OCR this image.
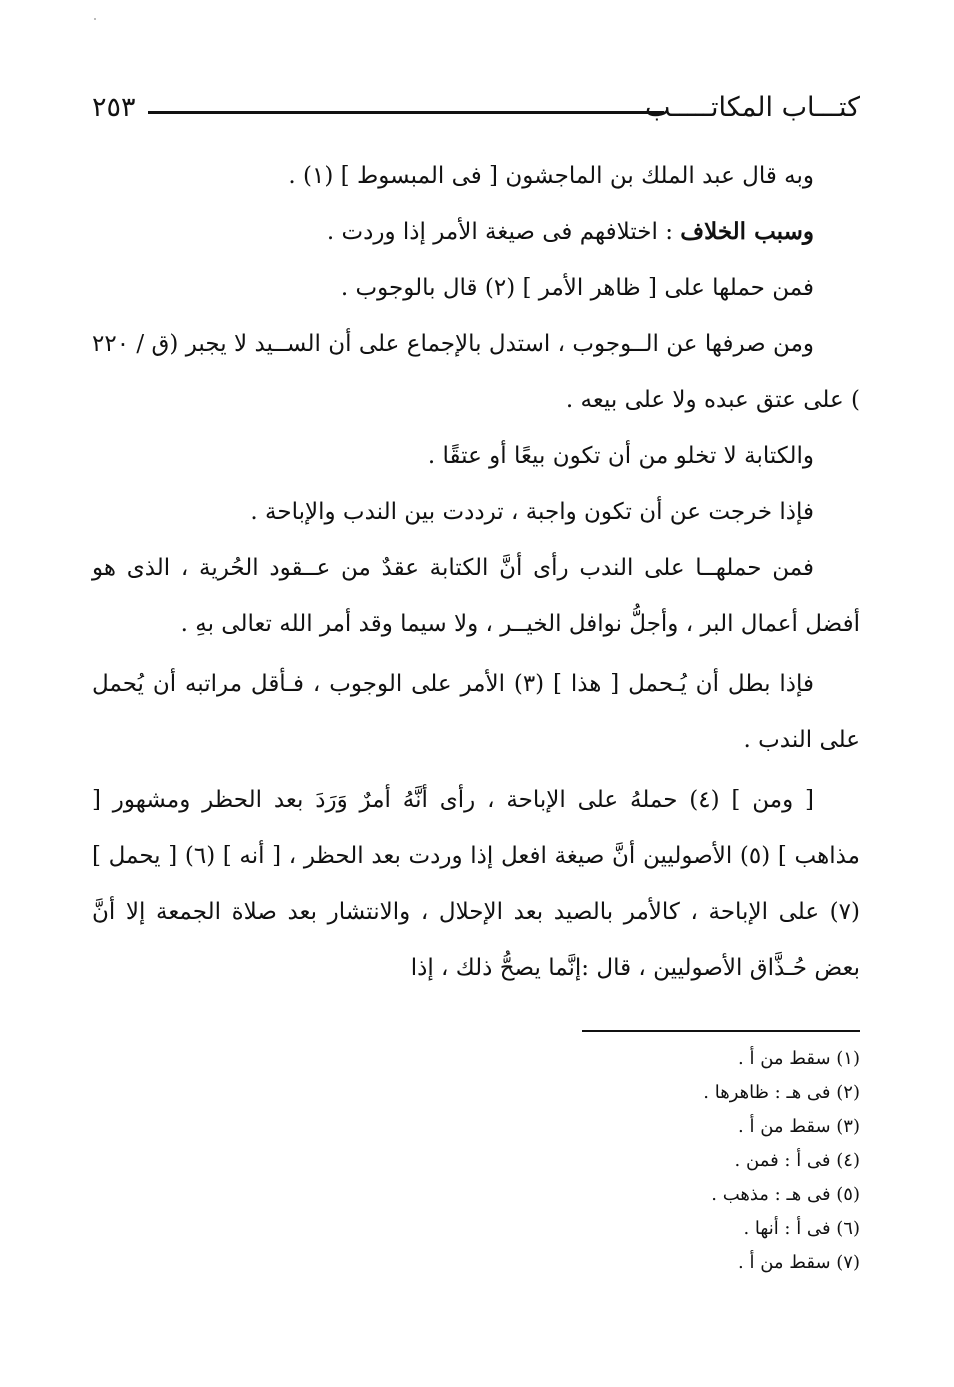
كتـــاب المكاتـــــب
٢٥٣

وبه قال عبد الملك بن الماجشون [ فى المبسوط ] (١) .

وسبب الخلاف : اختلافهم فى صيغة الأمر إذا وردت .

فمن حملها على [ ظاهر الأمر ] (٢) قال بالوجوب .

ومن صرفها عن الــوجوب ، استدل بالإجماع على أن الســيد لا يجبر (ق / ٢٢٠ ) على عتق عبده ولا على بيعه .

والكتابة لا تخلو من أن تكون بيعًا أو عتقًا .

فإذا خرجت عن أن تكون واجبة ، ترددت بين الندب والإباحة .

فمن حملهــا على الندب رأى أنَّ الكتابة عقدٌ من عــقود الحُرية ، الذى هو أفضل أعمال البر ، وأجلُّ نوافل الخيــر ، ولا سيما وقد أمر الله تعالى بهِ .

فإذا بطل أن يُـحمل [ هذا ] (٣) الأمر على الوجوب ، فـأقل مراتبه أن يُحمل على الندب .

[ ومن ] (٤) حملهُ على الإباحة ، رأى أنَّهُ أمرٌ وَرَدَ بعد الحظر ومشهور [ مذاهب ] (٥) الأصوليين أنَّ صيغة افعل إذا وردت بعد الحظر ، [ أنه ] (٦) [ يحمل ] (٧) على الإباحة ، كالأمر بالصيد بعد الإحلال ، والانتشار بعد صلاة الجمعة إلا أنَّ بعض حُـذَّاق الأصوليين ، قال :إنَّما يصحُّ ذلك ، إذا

(١) سقط من أ .

(٢) فى هـ : ظاهرها .

(٣) سقط من أ .

(٤) فى أ : فمن .

(٥) فى هـ : مذهب .

(٦) فى أ : أنها .

(٧) سقط من أ .
